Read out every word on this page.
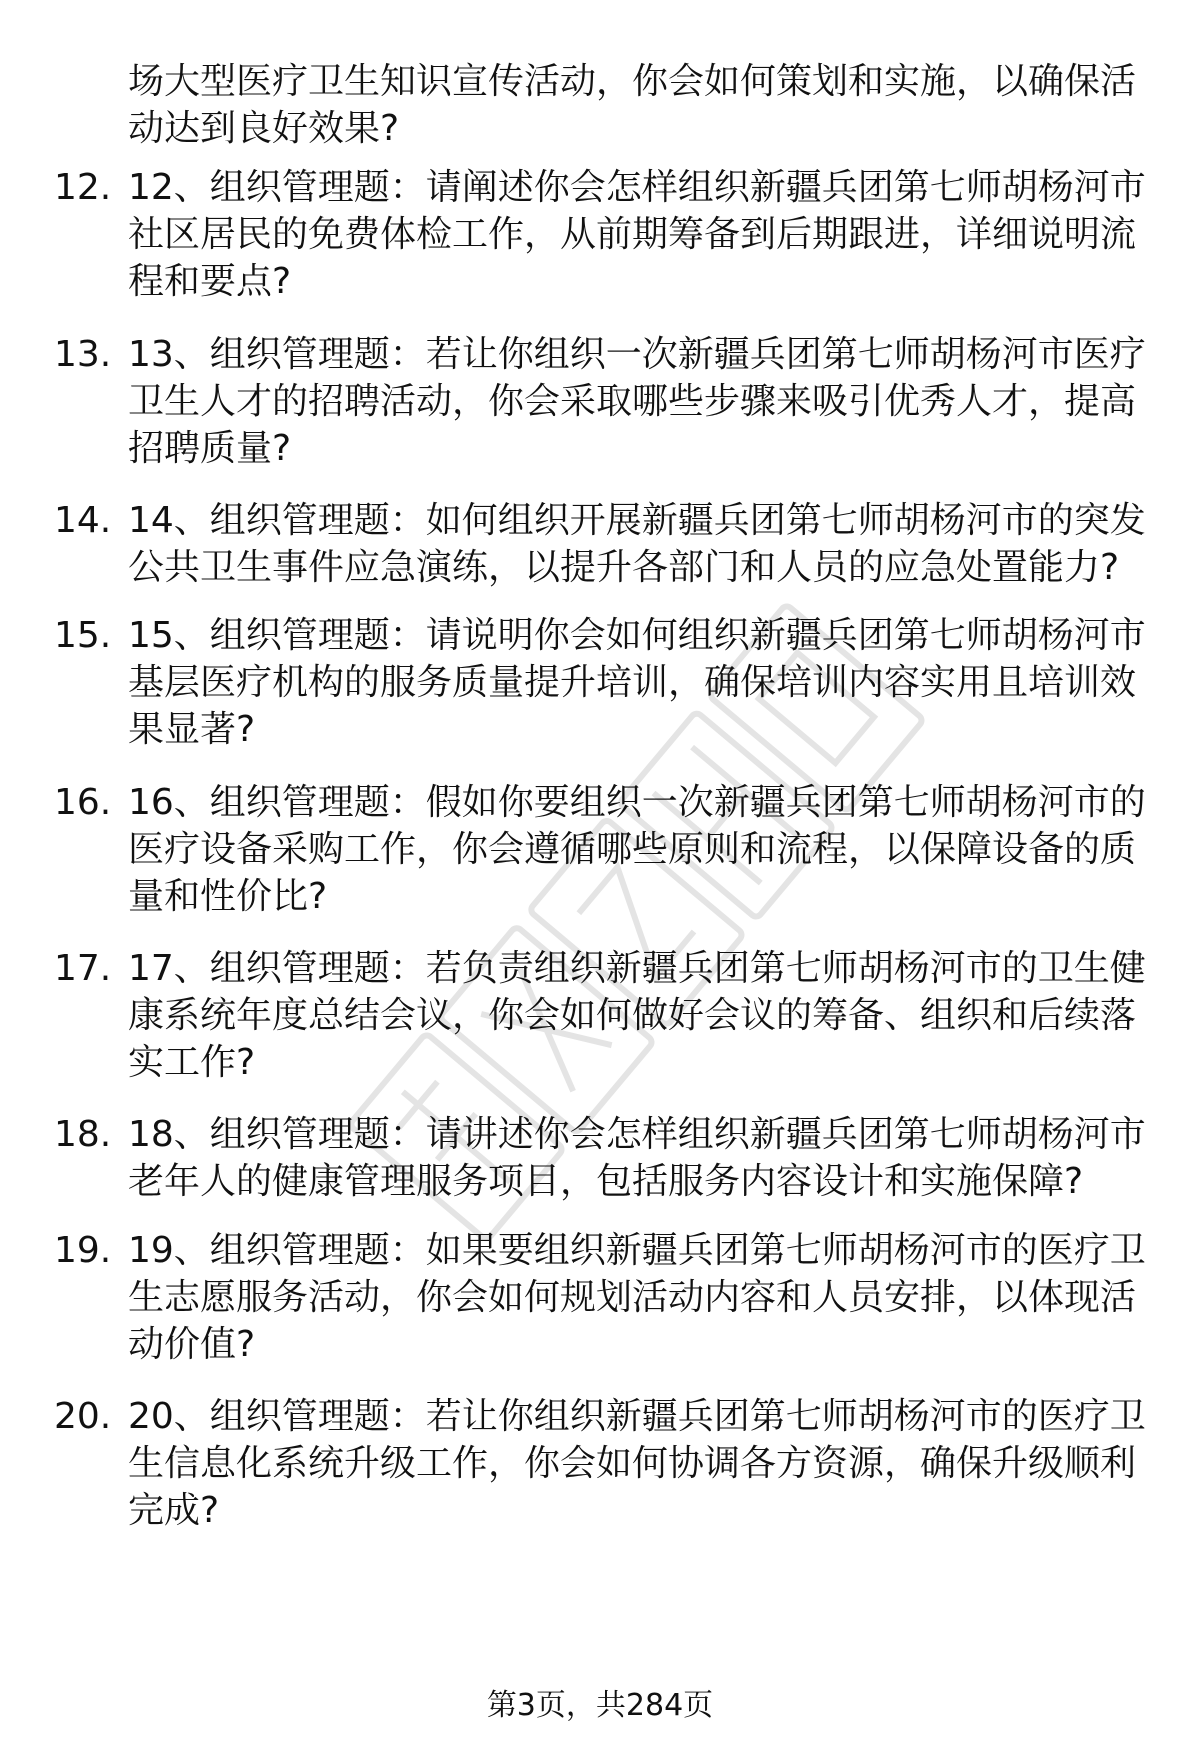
场大型医疗卫生知识宣传活动，你会如何策划和实施，以确保活动达到良好效果?
12. 12、组织管理题：请阐述你会怎样组织新疆兵团第七师胡杨河市社区居民的免费体检工作，从前期筹备到后期跟进，详细说明流程和要点?
13. 13、组织管理题：若让你组织一次新疆兵团第七师胡杨河市医疗卫生人才的招聘活动，你会采取哪些步骤来吸引优秀人才，提高招聘质量?
14. 14、组织管理题：如何组织开展新疆兵团第七师胡杨河市的突发公共卫生事件应急演练，以提升各部门和人员的应急处置能力?
15. 15、组织管理题：请说明你会如何组织新疆兵团第七师胡杨河市基层医疗机构的服务质量提升培训，确保培训内容实用且培训效果显著?
16. 16、组织管理题：假如你要组织一次新疆兵团第七师胡杨河市的医疗设备采购工作，你会遵循哪些原则和流程，以保障设备的质量和性价比?
17. 17、组织管理题：若负责组织新疆兵团第七师胡杨河市的卫生健康系统年度总结会议，你会如何做好会议的筹备、组织和后续落实工作?
18. 18、组织管理题：请讲述你会怎样组织新疆兵团第七师胡杨河市老年人的健康管理服务项目，包括服务内容设计和实施保障?
19. 19、组织管理题：如果要组织新疆兵团第七师胡杨河市的医疗卫生志愿服务活动，你会如何规划活动内容和人员安排，以体现活动价值?
20. 20、组织管理题：若让你组织新疆兵团第七师胡杨河市的医疗卫生信息化系统升级工作，你会如何协调各方资源，确保升级顺利完成?
第3页，共284页
